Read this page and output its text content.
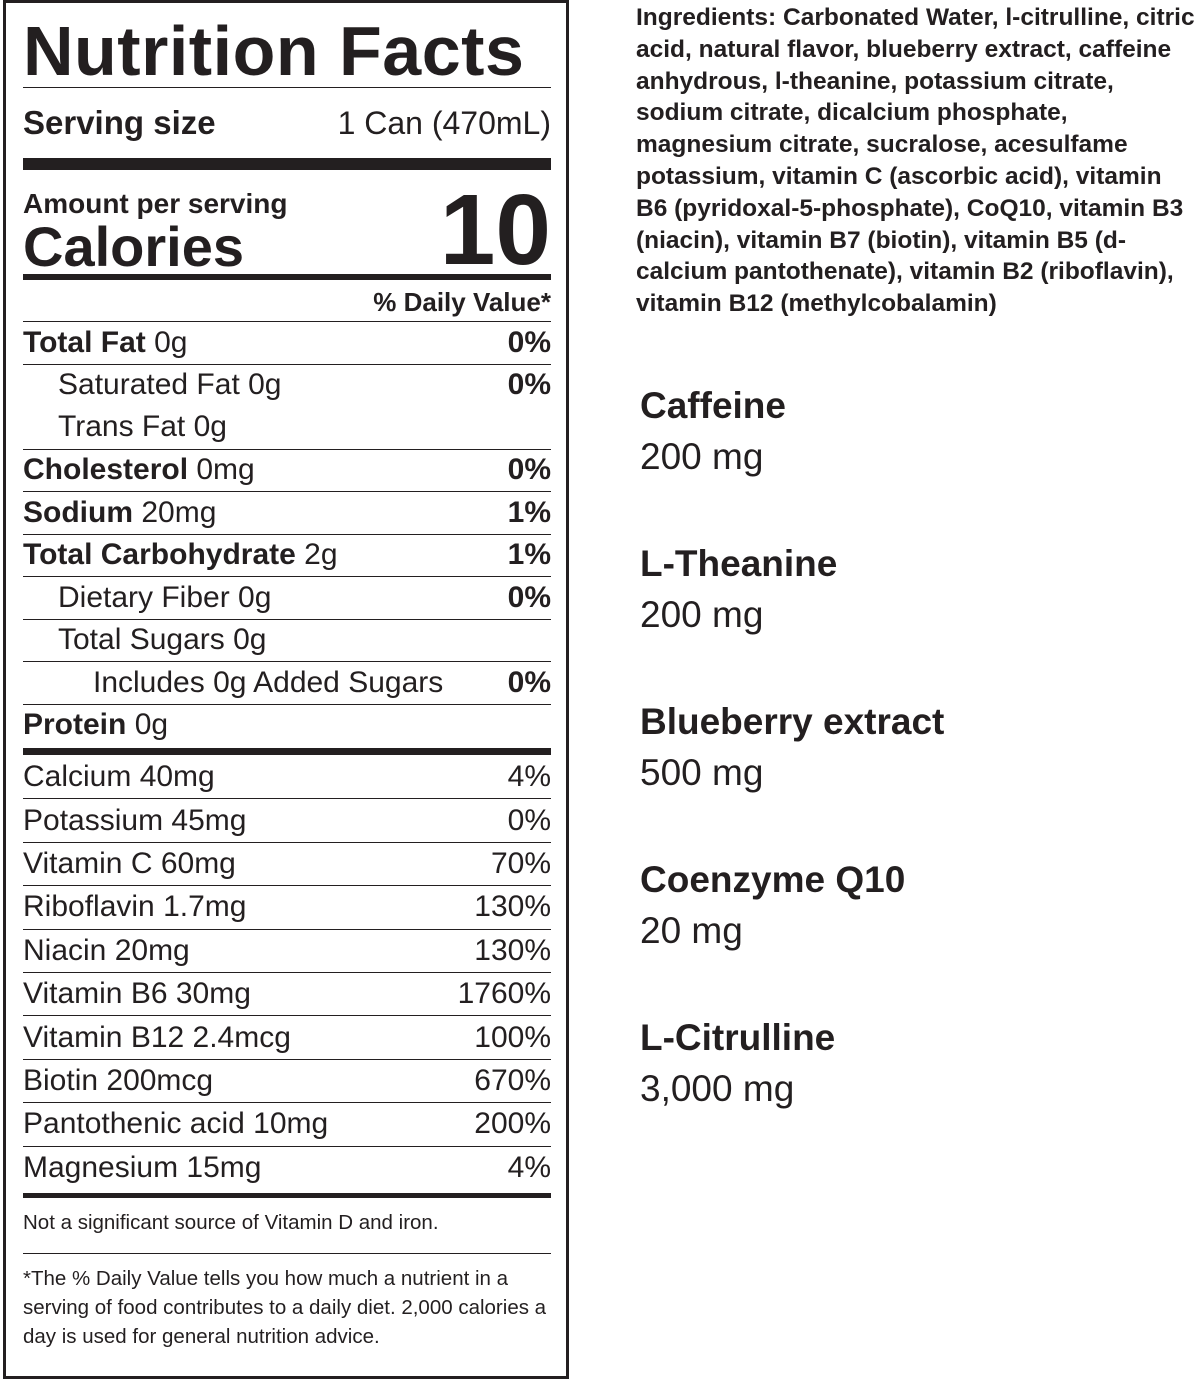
Nutrition Facts
Serving size	1 Can (470mL)
Amount per serving
Calories 10
% Daily Value*
Total Fat 0g	0%
Saturated Fat 0g	0%
Trans Fat 0g
Cholesterol 0mg	0%
Sodium 20mg	1%
Total Carbohydrate 2g	1%
Dietary Fiber 0g	0%
Total Sugars 0g
Includes 0g Added Sugars 0%
Protein 0g
Calcium 40mg	4%
Potassium 45mg	0%
Vitamin C 60mg	70%
Riboflavin 1.7mg	130%
Niacin 20mg	130%
Vitamin B6 30mg	1760%
Vitamin B12 2.4mcg	100%
Biotin 200mcg	670%
Pantothenic acid 10mg	200%
Magnesium 15mg	4%
Not a significant source of Vitamin D and iron.
*The % Daily Value tells you how much a nutrient in a serving of food contributes to a daily diet. 2,000 calories a day is used for general nutrition advice.
Ingredients: Carbonated Water, l-citrulline, citric acid, natural flavor, blueberry extract, caffeine anhydrous, l-theanine, potassium citrate, sodium citrate, dicalcium phosphate, magnesium citrate, sucralose, acesulfame potassium, vitamin C (ascorbic acid), vitamin B6 (pyridoxal-5-phosphate), CoQ10, vitamin B3 (niacin), vitamin B7 (biotin), vitamin B5 (d-calcium pantothenate), vitamin B2 (riboflavin), vitamin B12 (methylcobalamin)
Caffeine
200 mg
L-Theanine
200 mg
Blueberry extract
500 mg
Coenzyme Q10
20 mg
L-Citrulline
3,000 mg
